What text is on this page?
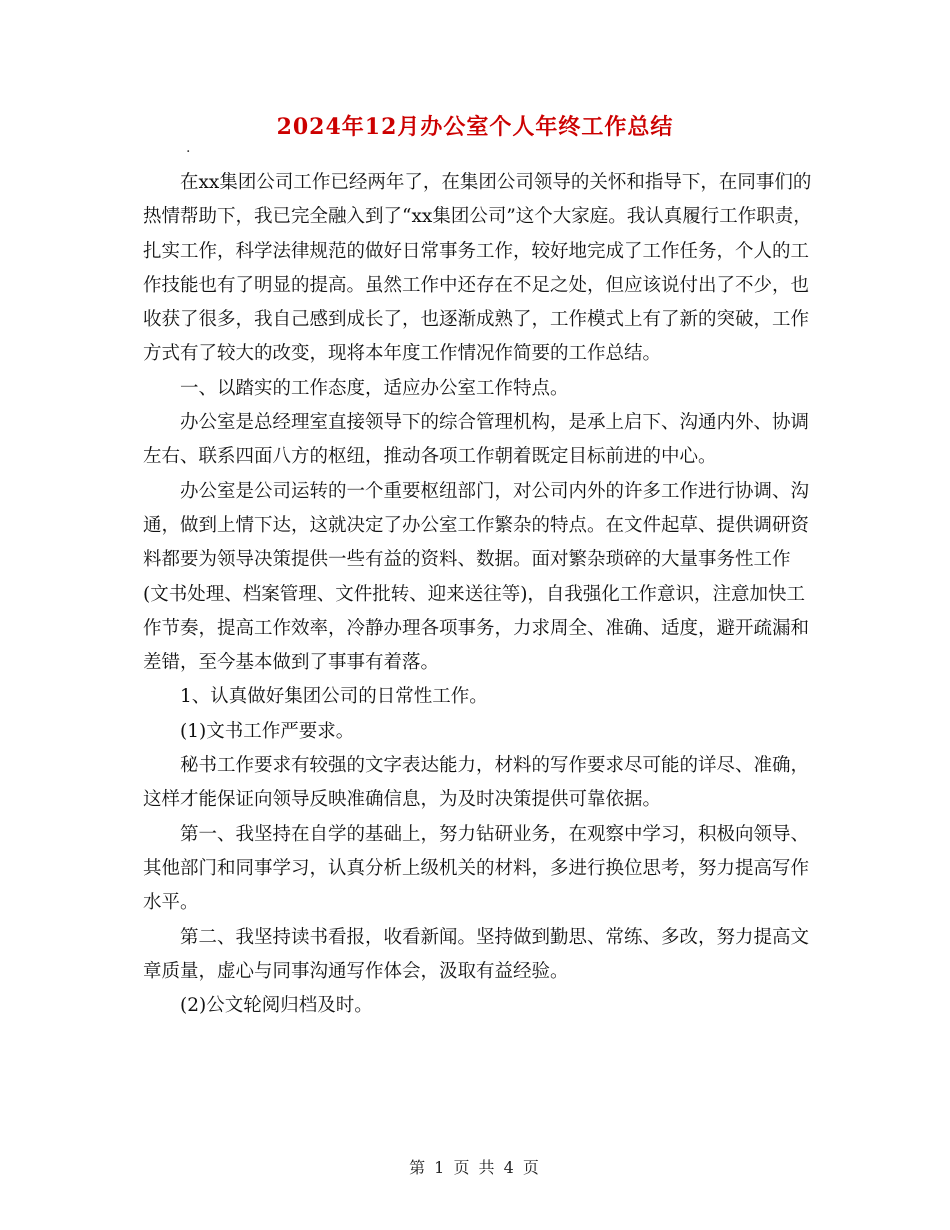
2024年12月办公室个人年终工作总结
.

在xx集团公司工作已经两年了，在集团公司领导的关怀和指导下，在同事们的热情帮助下，我已完全融入到了“xx集团公司”这个大家庭。我认真履行工作职责，扎实工作，科学法律规范的做好日常事务工作，较好地完成了工作任务，个人的工作技能也有了明显的提高。虽然工作中还存在不足之处，但应该说付出了不少，也收获了很多，我自己感到成长了，也逐渐成熟了，工作模式上有了新的突破，工作方式有了较大的改变，现将本年度工作情况作简要的工作总结。

一、以踏实的工作态度，适应办公室工作特点。

办公室是总经理室直接领导下的综合管理机构，是承上启下、沟通内外、协调左右、联系四面八方的枢纽，推动各项工作朝着既定目标前进的中心。

办公室是公司运转的一个重要枢纽部门，对公司内外的许多工作进行协调、沟通，做到上情下达，这就决定了办公室工作繁杂的特点。在文件起草、提供调研资料都要为领导决策提供一些有益的资料、数据。面对繁杂琐碎的大量事务性工作(文书处理、档案管理、文件批转、迎来送往等)，自我强化工作意识，注意加快工作节奏，提高工作效率，冷静办理各项事务，力求周全、准确、适度，避开疏漏和差错，至今基本做到了事事有着落。

1、认真做好集团公司的日常性工作。

(1)文书工作严要求。

秘书工作要求有较强的文字表达能力，材料的写作要求尽可能的详尽、准确，这样才能保证向领导反映准确信息，为及时决策提供可靠依据。

第一、我坚持在自学的基础上，努力钻研业务，在观察中学习，积极向领导、其他部门和同事学习，认真分析上级机关的材料，多进行换位思考，努力提高写作水平。

第二、我坚持读书看报，收看新闻。坚持做到勤思、常练、多改，努力提高文章质量，虚心与同事沟通写作体会，汲取有益经验。

(2)公文轮阅归档及时。

第 1 页 共 4 页
